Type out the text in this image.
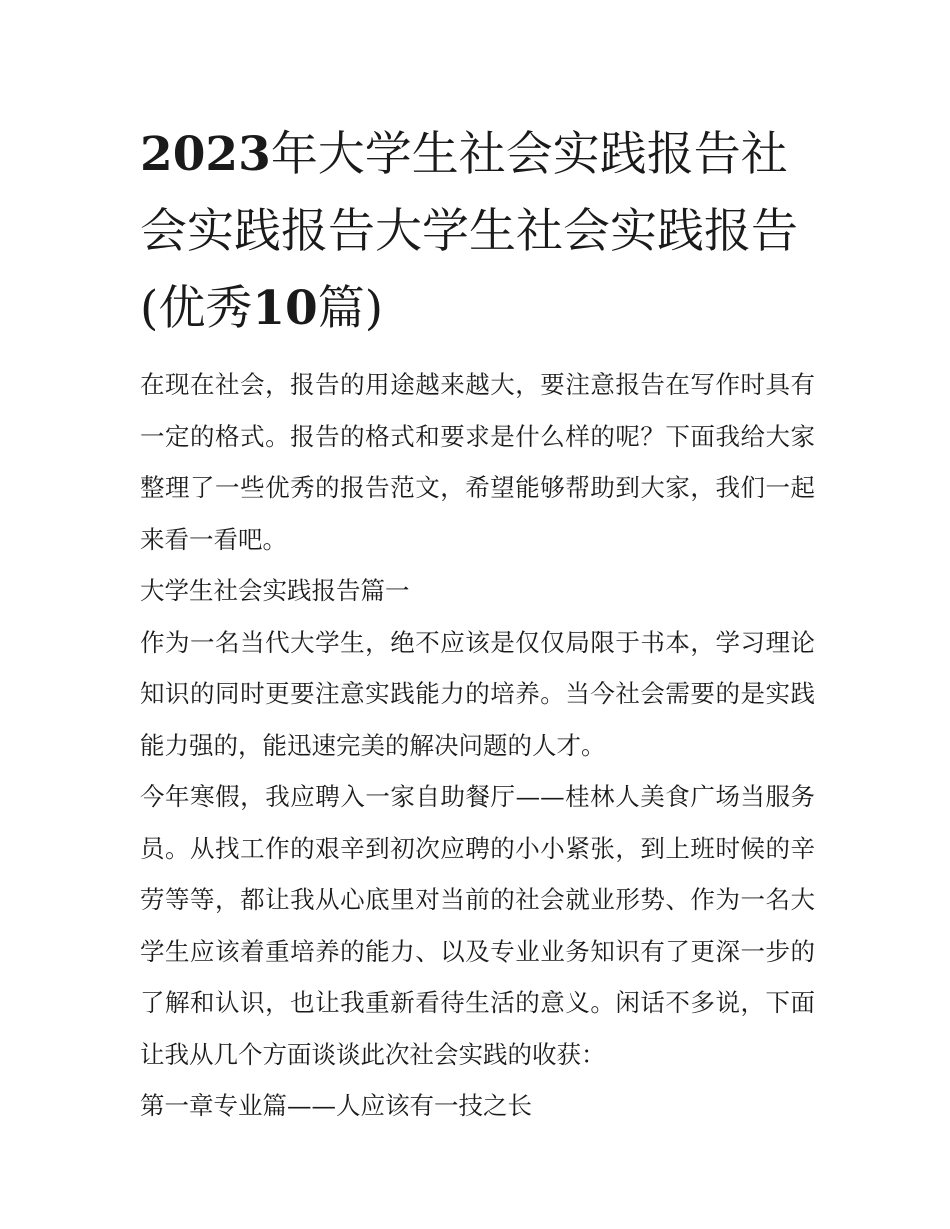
2023年大学生社会实践报告社会实践报告大学生社会实践报告(优秀10篇)

在现在社会，报告的用途越来越大，要注意报告在写作时具有一定的格式。报告的格式和要求是什么样的呢？下面我给大家整理了一些优秀的报告范文，希望能够帮助到大家，我们一起来看一看吧。

大学生社会实践报告篇一

作为一名当代大学生，绝不应该是仅仅局限于书本，学习理论知识的同时更要注意实践能力的培养。当今社会需要的是实践能力强的，能迅速完美的解决问题的人才。

今年寒假，我应聘入一家自助餐厅——桂林人美食广场当服务员。从找工作的艰辛到初次应聘的小小紧张，到上班时候的辛劳等等，都让我从心底里对当前的社会就业形势、作为一名大学生应该着重培养的能力、以及专业业务知识有了更深一步的了解和认识，也让我重新看待生活的意义。闲话不多说，下面让我从几个方面谈谈此次社会实践的收获：

第一章专业篇——人应该有一技之长
